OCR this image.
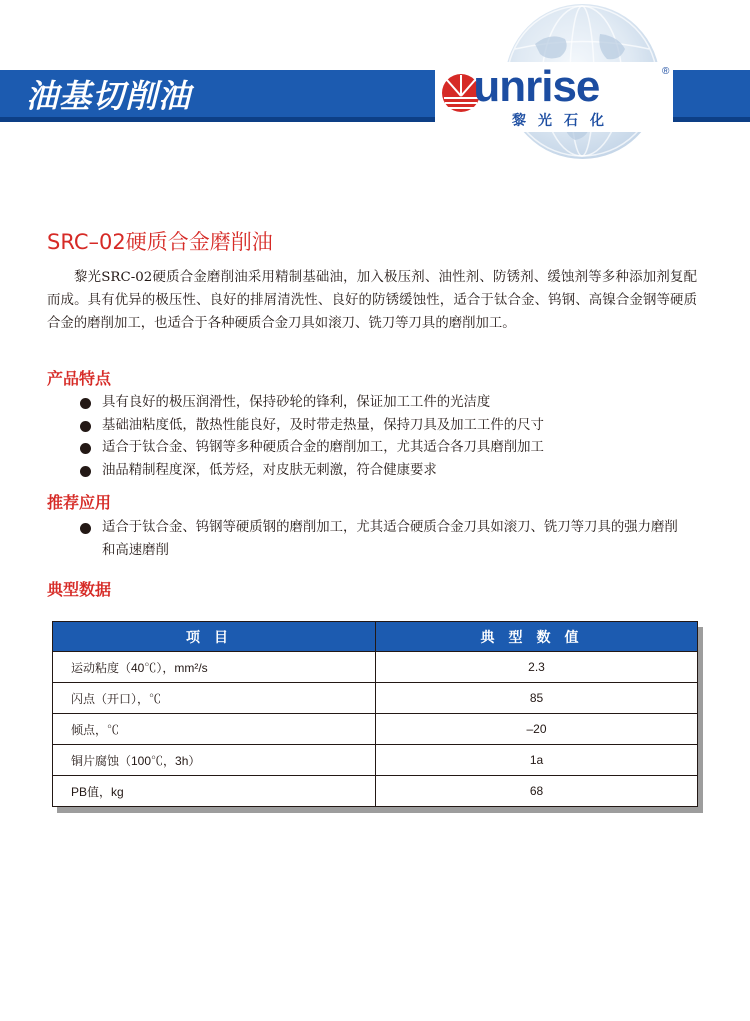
油基切削油	unrise	®
黎光石化
SRC–02硬质合金磨削油

黎光SRC-02硬质合金磨削油采用精制基础油，加入极压剂、油性剂、防锈剂、缓蚀剂等多种添加剂复配而成。具有优异的极压性、良好的排屑清洗性、良好的防锈缓蚀性，适合于钛合金、钨钢、高镍合金钢等硬质合金的磨削加工，也适合于各种硬质合金刀具如滚刀、铣刀等刀具的磨削加工。

产品特点
具有良好的极压润滑性，保持砂轮的锋利，保证加工工件的光洁度
基础油粘度低，散热性能良好，及时带走热量，保持刀具及加工工件的尺寸
适合于钛合金、钨钢等多种硬质合金的磨削加工，尤其适合各刀具磨削加工
油品精制程度深，低芳烃，对皮肤无刺激，符合健康要求
推荐应用
适合于钛合金、钨钢等硬质钢的磨削加工，尤其适合硬质合金刀具如滚刀、铣刀等刀具的强力磨削和高速磨削
典型数据
项目	典型数值
运动粘度（40℃），mm²/s	2.3
闪点（开口），℃	85
倾点，℃	–20
铜片腐蚀（100℃，3h）	1a
PB值，kg	68
